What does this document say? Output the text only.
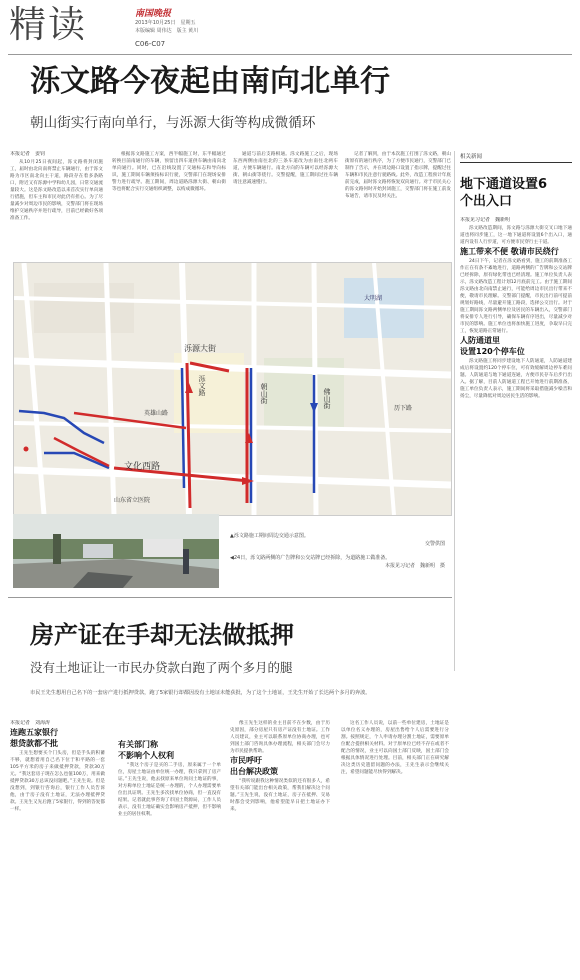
精读	南国晚报
2013年10月25日　星期五
本版编辑 周伟达　版主 黄川
C06-C07
泺文路今夜起由南向北单行
朝山街实行南向单行，与泺源大街等构成微循环

本报记者　姜钊

从10月25日夜间起，泺文路将封闭施工，届时由北向南将禁止车辆通行，由于泺文路为市区南北向主干道，路段存在着多条路口，附近又有泺源中学和幼儿园，日常交通流量较大。这是泺文路改造以来首次实行单向通行措施，但车主和市民对此仍有担心。为了尽量减少对周边市民的影响，交警部门将在现场维护交通秩序并进行疏导，目前已经做好各项准备工作。

根据泺文路施工方案，西半幅施工时，东半幅通过转换目前南通行的车辆，预留出四车道供车辆由南向北单向通行。同时，已在沿线设置了交通标志和导向标识，施工期间车辆须按标识行驶，交警部门在现场安排警力进行疏导。施工期间，周边道路泺源大街、朝山街等也将配合实行交通组织调整，以构成微循环。

通道与前后支路相通。泺文路施工之后，现场东西两侧由南往北的三条车道改为由南往北两车道，方便车辆通行。南北方向的车辆可以经泺源大街、朝山街等绕行。交警提醒，施工期间过往车辆请注意减速慢行。

记者了解到，由于本次施工打围了泺文路，朝山街原有的通行秩序，为了方便市民通行，交警部门已制作了告示，并在周边路口设置了指示牌，提醒过往车辆和市民注意行驶路线。此外，改造工程预计年底前完成，届时泺文路将恢复双向通行。对于市民关心的泺文路何时开始封闭施工，交警部门将在施工前发布通告，请市民及时关注。

泺源大街
英雄山路
泺文路	朝山街	佛山街
文化西路
历下路
山东省立医院
大明湖
▲泺文路施工期间周边交通示意图。
交警供图
◀24日，泺文路两侧的广告牌和公交站牌已经拆除，为道路施工做准备。
本报见习记者　魏新明　摄
相关新闻
地下通道设置6个出入口

本报见习记者　魏新明

泺文路改造期间，泺文路与泺源大街交叉口地下通道也将同步施工，这一地下通道将设置6个出入口，通道内设有人行步道，可方便市民穿行主干道。

施工带来不便 敬请市民绕行

24日下午，记者在泺文路看到，施工的前期准备工作正在有条不紊地进行，道路两侧的广告牌和公交站牌已经拆除，原有绿化带也已经清理。施工单位负责人表示，泺文路改造工程计划12月底前完工。由于施工期间泺文路由北向南禁止通行，可能给周边市民出行带来不便，敬请市民理解。交警部门提醒，市民出行前可提前规划好路线，尽量避开施工路段，选择公交出行。对于施工期间泺文路两侧单位及居民的车辆出入，交警部门将安排专人进行引导，确保车辆有序进出，尽量减少对市民的影响。施工单位也将加快施工进度，争取早日完工，恢复道路正常通行。

人防通道里

设置120个停车位

泺文路施工将同步建设地下人防通道，人防通道建成后将设置约120个停车位，可有效缓解周边停车难问题。人防通道与地下通道连通，方便市民存车后步行出入。据了解，目前人防通道工程已开始进行前期准备，施工单位负责人表示，施工期间将采取措施减少噪音和扬尘，尽量降低对周边居民生活的影响。

房产证在手却无法做抵押
没有土地证让一市民办贷款白跑了两个多月的腿
市民王先生想用自己名下的一套房产进行抵押贷款，跑了5家银行却都因没有土地证未能获批，为了这个土地证，王先生开始了长达两个多月的奔波。

本报记者　刘海涛

连跑五家银行

想贷款都不批

王先生想要买个门头房，但是手头的积蓄不够，就想着用自己名下位于和平路的一套105平方米的房子来做抵押贷款，贷款30万元。“我这套房子现在怎么也值100万，用来做抵押贷款30万总该没问题吧。”王先生说。但是没想到，到银行咨询后，银行工作人员告诉他，由于房子没有土地证，无法办理抵押贷款。王先生又先后跑了5家银行，得到的答复都一样。

有关部门称

不影响个人权利

“我这个房子是买的二手房，原来属于一个单位，房屋土地证由单位统一办理，我只拿到了房产证。”王先生说，他去找原来单位询问土地证的事，对方称单位土地证是统一办理的，个人办理需要单位出具证明。王先生多次找单位协商，但一直没有结果。记者就此事咨询了市国土资源局，工作人员表示，没有土地证确实会影响房产抵押，但不影响业主的居住权利。

像王先生这样的业主目前不在少数，由于历史原因，部分房屋只有房产证没有土地证。工作人员建议，业主可以联系原单位协商办理，也可到国土部门咨询具体办理流程，相关部门会尽力为市民提供帮助。

市民呼吁

出台解决政策

“我听说跟我这种情况类似的还有很多人，希望有关部门能出台相关政策，帮我们解决这个问题。”王先生说，没有土地证，房子在抵押、交易时都会受到影响，他希望能早日把土地证办下来。

这名工作人员说，以前一些单位建房，土地证是以单位名义办理的，房屋出售给个人后需要进行分割。按照规定，个人申请办理分割土地证，需要原单位配合提供相关材料。对于原单位已经不存在或者不配合的情况，业主可以向国土部门反映，国土部门会根据具体情况进行处理。目前，相关部门正在研究解决这类历史遗留问题的办法，王先生表示会继续关注，希望问题能尽快得到解决。
